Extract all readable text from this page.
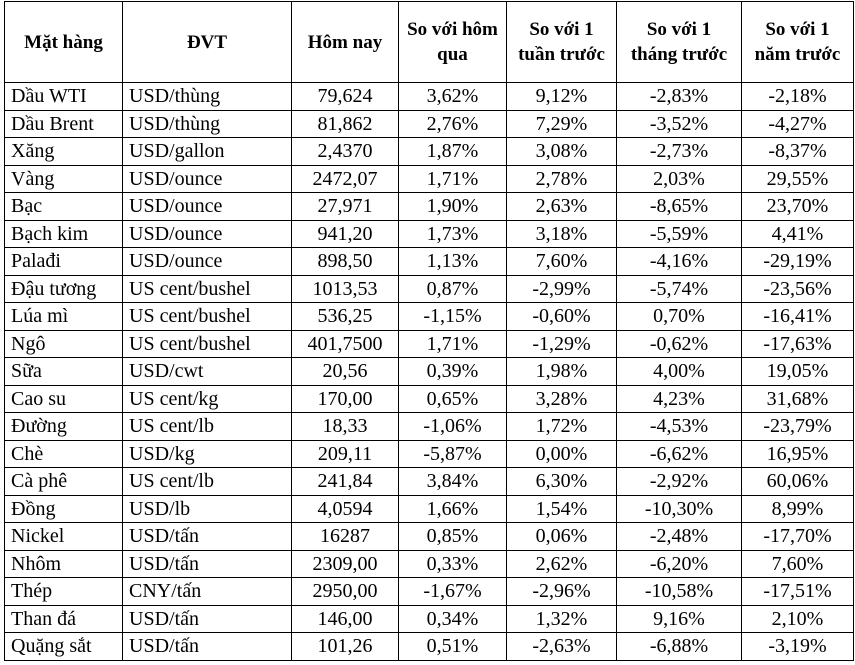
Mặt hàng	ĐVT	Hôm nay	So với hôm qua	So với 1 tuần trước	So với 1 tháng trước	So với 1 năm trước
Dầu WTI	USD/thùng	79,624	3,62%	9,12%	-2,83%	-2,18%
Dầu Brent	USD/thùng	81,862	2,76%	7,29%	-3,52%	-4,27%
Xăng	USD/gallon	2,4370	1,87%	3,08%	-2,73%	-8,37%
Vàng	USD/ounce	2472,07	1,71%	2,78%	2,03%	29,55%
Bạc	USD/ounce	27,971	1,90%	2,63%	-8,65%	23,70%
Bạch kim	USD/ounce	941,20	1,73%	3,18%	-5,59%	4,41%
Palađi	USD/ounce	898,50	1,13%	7,60%	-4,16%	-29,19%
Đậu tương	US cent/bushel	1013,53	0,87%	-2,99%	-5,74%	-23,56%
Lúa mì	US cent/bushel	536,25	-1,15%	-0,60%	0,70%	-16,41%
Ngô	US cent/bushel	401,7500	1,71%	-1,29%	-0,62%	-17,63%
Sữa	USD/cwt	20,56	0,39%	1,98%	4,00%	19,05%
Cao su	US cent/kg	170,00	0,65%	3,28%	4,23%	31,68%
Đường	US cent/lb	18,33	-1,06%	1,72%	-4,53%	-23,79%
Chè	USD/kg	209,11	-5,87%	0,00%	-6,62%	16,95%
Cà phê	US cent/lb	241,84	3,84%	6,30%	-2,92%	60,06%
Đồng	USD/lb	4,0594	1,66%	1,54%	-10,30%	8,99%
Nickel	USD/tấn	16287	0,85%	0,06%	-2,48%	-17,70%
Nhôm	USD/tấn	2309,00	0,33%	2,62%	-6,20%	7,60%
Thép	CNY/tấn	2950,00	-1,67%	-2,96%	-10,58%	-17,51%
Than đá	USD/tấn	146,00	0,34%	1,32%	9,16%	2,10%
Quặng sắt	USD/tấn	101,26	0,51%	-2,63%	-6,88%	-3,19%
